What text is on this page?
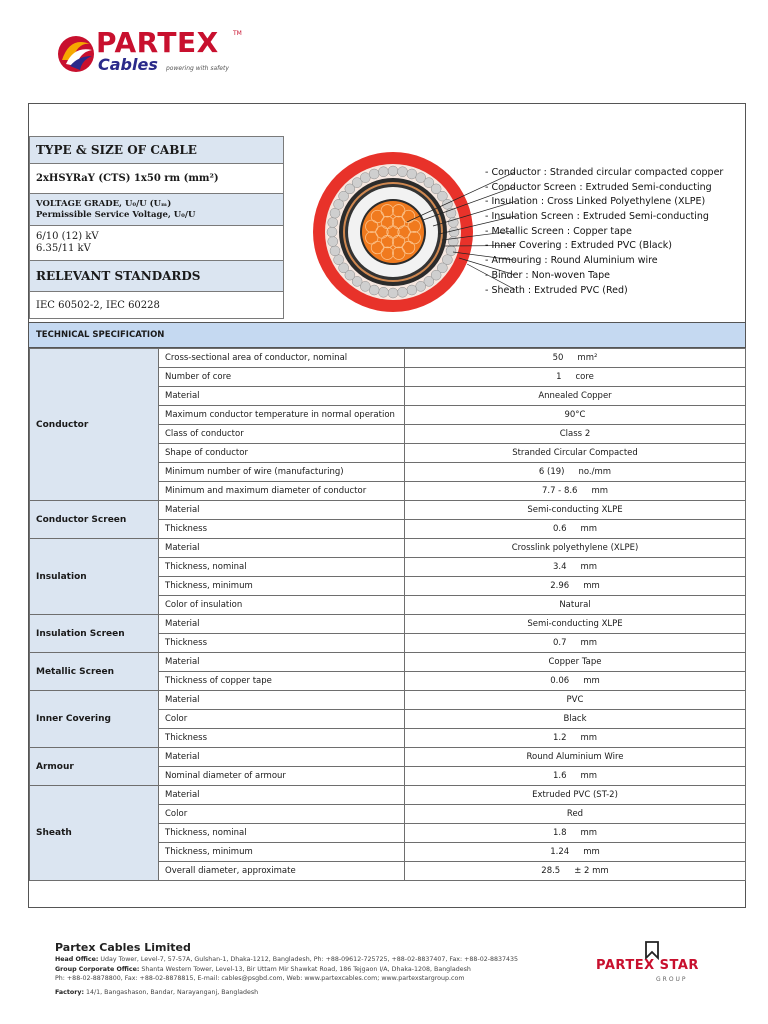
PARTEX TM
Cables powering with safety
TYPE & SIZE OF CABLE
2xHSYRaY (CTS) 1x50 rm (mm²)
VOLTAGE GRADE, U₀/U (Uₘ)
Permissible Service Voltage, U₀/U
6/10 (12) kV
6.35/11 kV
RELEVANT STANDARDS
IEC 60502-2, IEC 60228
- Conductor : Stranded circular compacted copper
- Conductor Screen : Extruded Semi-conducting
- Insulation : Cross Linked Polyethylene (XLPE)
- Insulation Screen : Extruded Semi-conducting
- Metallic Screen : Copper tape
- Inner Covering : Extruded PVC (Black)
- Armouring : Round Aluminium wire
- Binder : Non-woven Tape
- Sheath : Extruded PVC (Red)
TECHNICAL SPECIFICATION
Conductor	Cross-sectional area of conductor, nominal	50 mm²
	Number of core	1 core
	Material	Annealed Copper
	Maximum conductor temperature in normal operation	90°C
	Class of conductor	Class 2
	Shape of conductor	Stranded Circular Compacted
	Minimum number of wire (manufacturing)	6 (19) no./mm
	Minimum and maximum diameter of conductor	7.7 - 8.6 mm
Conductor Screen	Material	Semi-conducting XLPE
	Thickness	0.6 mm
Insulation	Material	Crosslink polyethylene (XLPE)
	Thickness, nominal	3.4 mm
	Thickness, minimum	2.96 mm
	Color of insulation	Natural
Insulation Screen	Material	Semi-conducting XLPE
	Thickness	0.7 mm
Metallic Screen	Material	Copper Tape
	Thickness of copper tape	0.06 mm
Inner Covering	Material	PVC
	Color	Black
	Thickness	1.2 mm
Armour	Material	Round Aluminium Wire
	Nominal diameter of armour	1.6 mm
Sheath	Material	Extruded PVC (ST-2)
	Color	Red
	Thickness, nominal	1.8 mm
	Thickness, minimum	1.24 mm
	Overall diameter, approximate	28.5 ± 2 mm
Partex Cables Limited
Head Office: Uday Tower, Level-7, 57-57A, Gulshan-1, Dhaka-1212, Bangladesh, Ph: +88-09612-725725, +88-02-8837407, Fax: +88-02-8837435
Group Corporate Office: Shanta Western Tower, Level-13, Bir Uttam Mir Shawkat Road, 186 Tejgaon I/A, Dhaka-1208, Bangladesh
Ph: +88-02-8878800, Fax: +88-02-8878815, E-mail: cables@psgbd.com, Web: www.partexcables.com; www.partexstargroup.com
Factory: 14/1, Bangashason, Bandar, Narayanganj, Bangladesh
PARTEX STAR
GROUP
